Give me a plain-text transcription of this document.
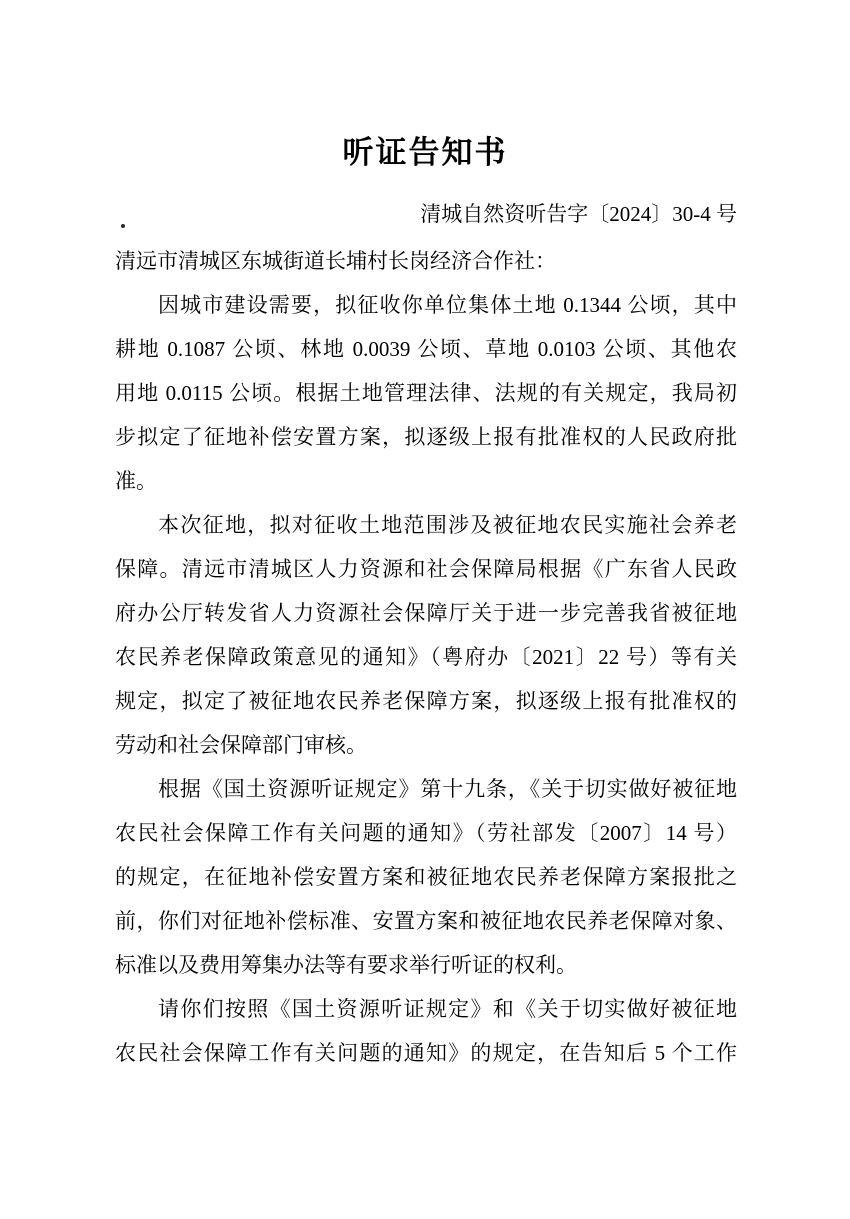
听证告知书
清城自然资听告字〔2024〕30-4 号
清远市清城区东城街道长埔村长岗经济合作社：
因城市建设需要，拟征收你单位集体土地 0.1344 公顷，其中
耕地 0.1087 公顷、林地 0.0039 公顷、草地 0.0103 公顷、其他农
用地 0.0115 公顷。根据土地管理法律、法规的有关规定，我局初
步拟定了征地补偿安置方案，拟逐级上报有批准权的人民政府批
准。
本次征地，拟对征收土地范围涉及被征地农民实施社会养老
保障。清远市清城区人力资源和社会保障局根据《广东省人民政
府办公厅转发省人力资源社会保障厅关于进一步完善我省被征地
农民养老保障政策意见的通知》（粤府办〔2021〕22 号）等有关
规定，拟定了被征地农民养老保障方案，拟逐级上报有批准权的
劳动和社会保障部门审核。
根据《国土资源听证规定》第十九条，《关于切实做好被征地
农民社会保障工作有关问题的通知》（劳社部发〔2007〕14 号）
的规定，在征地补偿安置方案和被征地农民养老保障方案报批之
前，你们对征地补偿标准、安置方案和被征地农民养老保障对象、
标准以及费用筹集办法等有要求举行听证的权利。
请你们按照《国土资源听证规定》和《关于切实做好被征地
农民社会保障工作有关问题的通知》的规定，在告知后 5 个工作
